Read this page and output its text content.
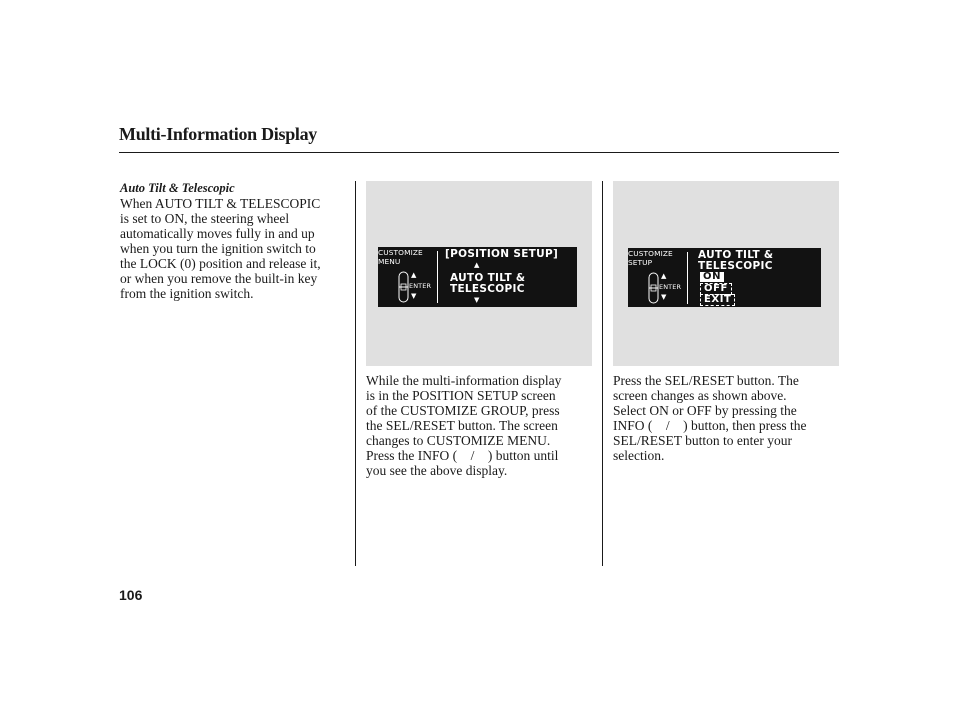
Multi-Information Display

Auto Tilt & Telescopic

When AUTO TILT & TELESCOPIC
is set to ON, the steering wheel
automatically moves fully in and up
when you turn the ignition switch to
the LOCK (0) position and release it,
or when you remove the built-in key
from the ignition switch.

CUSTOMIZE
MENU
▲
ENTER
▼
[POSITION SETUP]
▲
AUTO TILT &
TELESCOPIC
▼
CUSTOMIZE
SETUP
▲
ENTER
▼
AUTO TILT &
TELESCOPIC
ON
OFF
EXIT

While the multi-information display
is in the POSITION SETUP screen
of the CUSTOMIZE GROUP, press
the SEL/RESET button. The screen
changes to CUSTOMIZE MENU.
Press the INFO (    /    ) button until
you see the above display.

Press the SEL/RESET button. The
screen changes as shown above.
Select ON or OFF by pressing the
INFO (    /    ) button, then press the
SEL/RESET button to enter your
selection.

106
